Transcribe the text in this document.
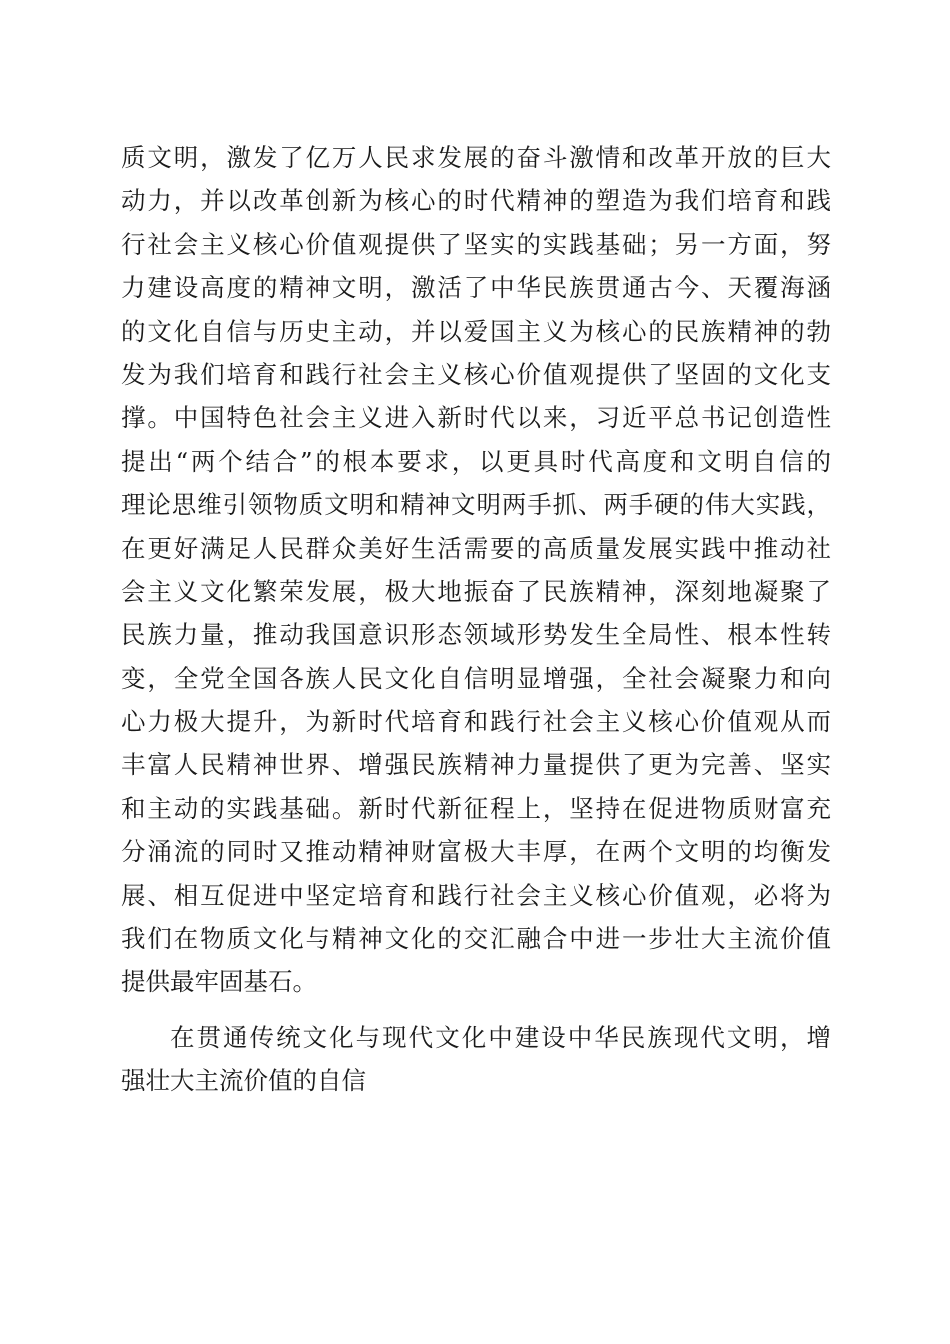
质文明，激发了亿万人民求发展的奋斗激情和改革开放的巨大
动力，并以改革创新为核心的时代精神的塑造为我们培育和践
行社会主义核心价值观提供了坚实的实践基础；另一方面，努
力建设高度的精神文明，激活了中华民族贯通古今、天覆海涵
的文化自信与历史主动，并以爱国主义为核心的民族精神的勃
发为我们培育和践行社会主义核心价值观提供了坚固的文化支
撑。中国特色社会主义进入新时代以来，习近平总书记创造性
提出“两个结合”的根本要求，以更具时代高度和文明自信的
理论思维引领物质文明和精神文明两手抓、两手硬的伟大实践，
在更好满足人民群众美好生活需要的高质量发展实践中推动社
会主义文化繁荣发展，极大地振奋了民族精神，深刻地凝聚了
民族力量，推动我国意识形态领域形势发生全局性、根本性转
变，全党全国各族人民文化自信明显增强，全社会凝聚力和向
心力极大提升，为新时代培育和践行社会主义核心价值观从而
丰富人民精神世界、增强民族精神力量提供了更为完善、坚实
和主动的实践基础。新时代新征程上，坚持在促进物质财富充
分涌流的同时又推动精神财富极大丰厚，在两个文明的均衡发
展、相互促进中坚定培育和践行社会主义核心价值观，必将为
我们在物质文化与精神文化的交汇融合中进一步壮大主流价值
提供最牢固基石。
在贯通传统文化与现代文化中建设中华民族现代文明，增
强壮大主流价值的自信
